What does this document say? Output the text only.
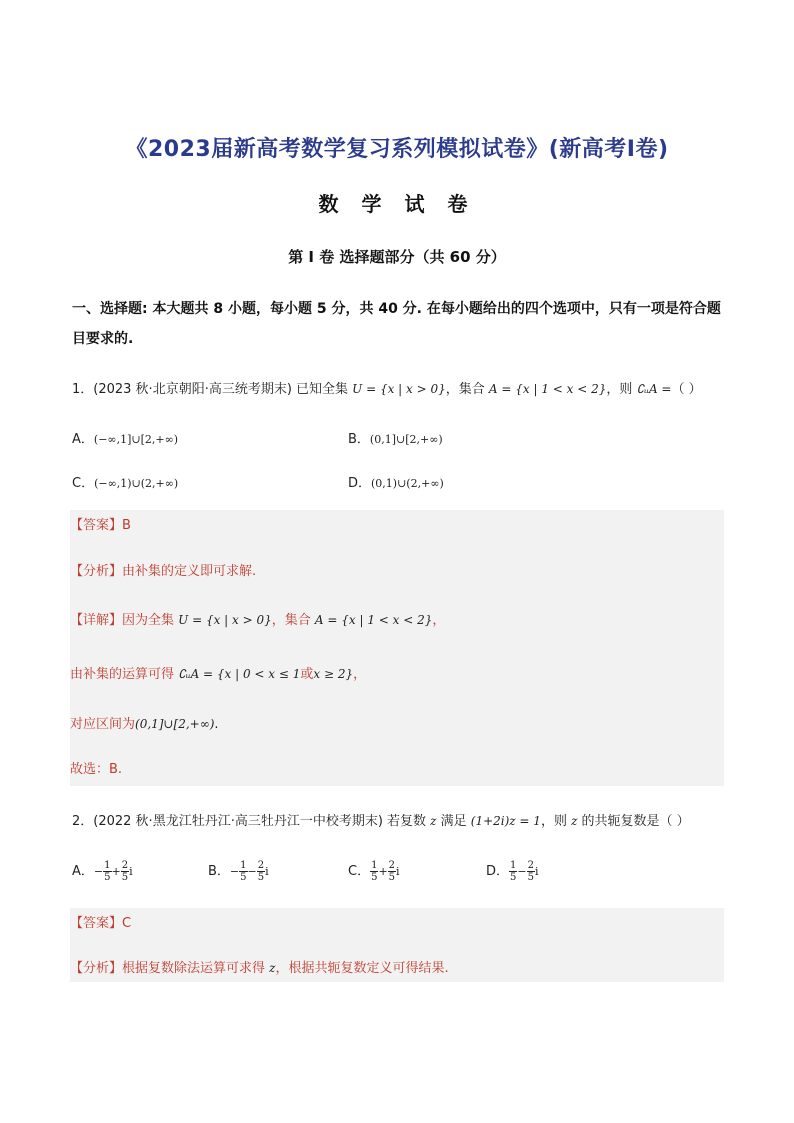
《2023届新高考数学复习系列模拟试卷》(新高考I卷)
数 学 试 卷
第 I 卷 选择题部分（共 60 分）
一、选择题: 本大题共 8 小题，每小题 5 分，共 40 分. 在每小题给出的四个选项中，只有一项是符合题目要求的.
1．(2023 秋·北京朝阳·高三统考期末) 已知全集 U = {x | x > 0}，集合 A = {x | 1 < x < 2}，则 ∁ᵤA =（ ）
A．(−∞,1]∪[2,+∞)	B．(0,1]∪[2,+∞)
C．(−∞,1)∪(2,+∞)	D．(0,1)∪(2,+∞)
【答案】B
【分析】由补集的定义即可求解.
【详解】因为全集 U = {x | x > 0}，集合 A = {x | 1 < x < 2}，
由补集的运算可得 ∁ᵤA = {x | 0 < x ≤ 1或x ≥ 2}，
对应区间为(0,1]∪[2,+∞).
故选：B.
2．(2022 秋·黑龙江牡丹江·高三牡丹江一中校考期末) 若复数 z 满足 (1+2i)z = 1，则 z 的共轭复数是（ ）
A．− $\frac{1}{5} + \frac{2}{5}$ i	B．− $\frac{1}{5} - \frac{2}{5}$ i	C． $\frac{1}{5} + \frac{2}{5}$ i	D． $\frac{1}{5} - \frac{2}{5}$ i
【答案】C
【分析】根据复数除法运算可求得 z，根据共轭复数定义可得结果.
